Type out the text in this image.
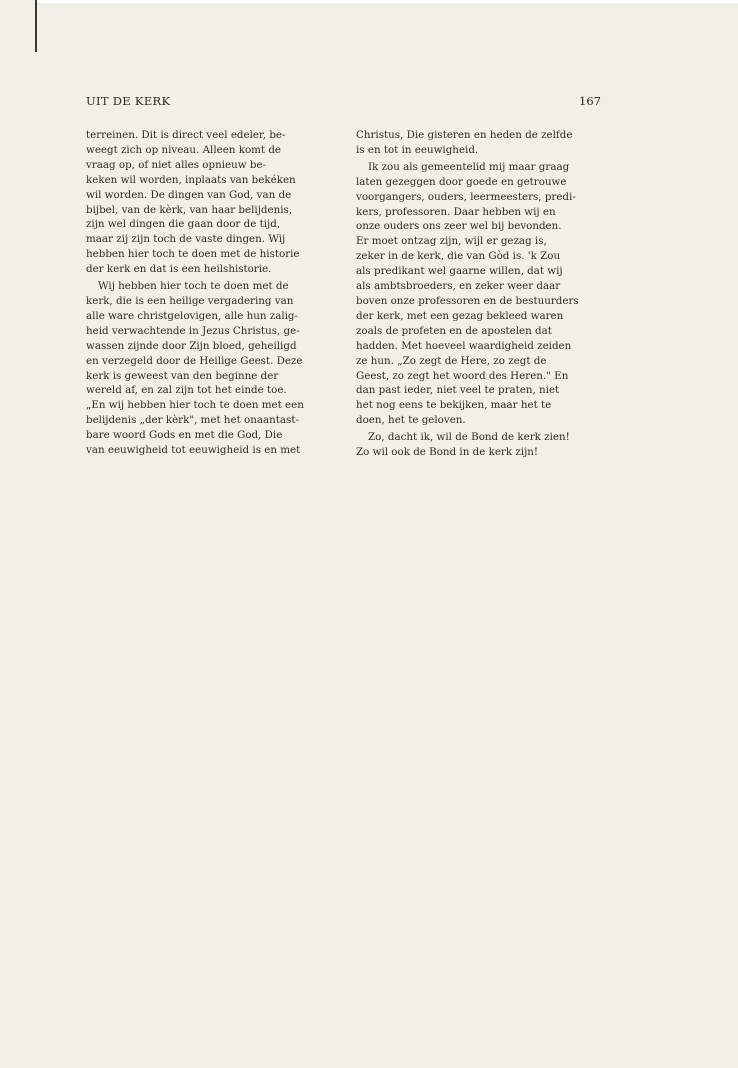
UIT DE KERK	167

terreinen. Dit is direct veel edeler, be-
weegt zich op niveau. Alleen komt de
vraag op, of niet alles opnieuw be-
keken wil worden, inplaats van bekéken
wil worden. De dingen van God, van de
bijbel, van de kèrk, van haar belijdenis,
zijn wel dingen die gaan door de tijd,
maar zij zijn toch de vaste dingen. Wij
hebben hier toch te doen met de historie
der kerk en dat is een heilshistorie.

Wij hebben hier toch te doen met de
kerk, die is een heilige vergadering van
alle ware christgelovigen, alle hun zalig-
heid verwachtende in Jezus Christus, ge-
wassen zijnde door Zijn bloed, geheiligd
en verzegeld door de Heilige Geest. Deze
kerk is geweest van den beginne der
wereld af, en zal zijn tot het einde toe.
„En wij hebben hier toch te doen met een
belijdenis „der kèrk", met het onaantast-
bare woord Gods en met die God, Die
van eeuwigheid tot eeuwigheid is en met

Christus, Die gisteren en heden de zelfde
is en tot in eeuwigheid.

Ik zou als gemeentelid mij maar graag
laten gezeggen door goede en getrouwe
voorgangers, ouders, leermeesters, predi-
kers, professoren. Daar hebben wij en
onze ouders ons zeer wel bij bevonden.
Er moet ontzag zijn, wijl er gezag is,
zeker in de kerk, die van Gòd is. 'k Zou
als predikant wel gaarne willen, dat wij
als ambtsbroeders, en zeker weer daar
boven onze professoren en de bestuurders
der kerk, met een gezag bekleed waren
zoals de profeten en de apostelen dat
hadden. Met hoeveel waardigheid zeiden
ze hun. „Zo zegt de Here, zo zegt de
Geest, zo zegt het woord des Heren." En
dan past ieder, niet veel te praten, niet
het nog eens te bekijken, maar het te
doen, het te geloven.

Zo, dacht ik, wil de Bond de kerk zien!
Zo wil ook de Bond in de kerk zijn!
